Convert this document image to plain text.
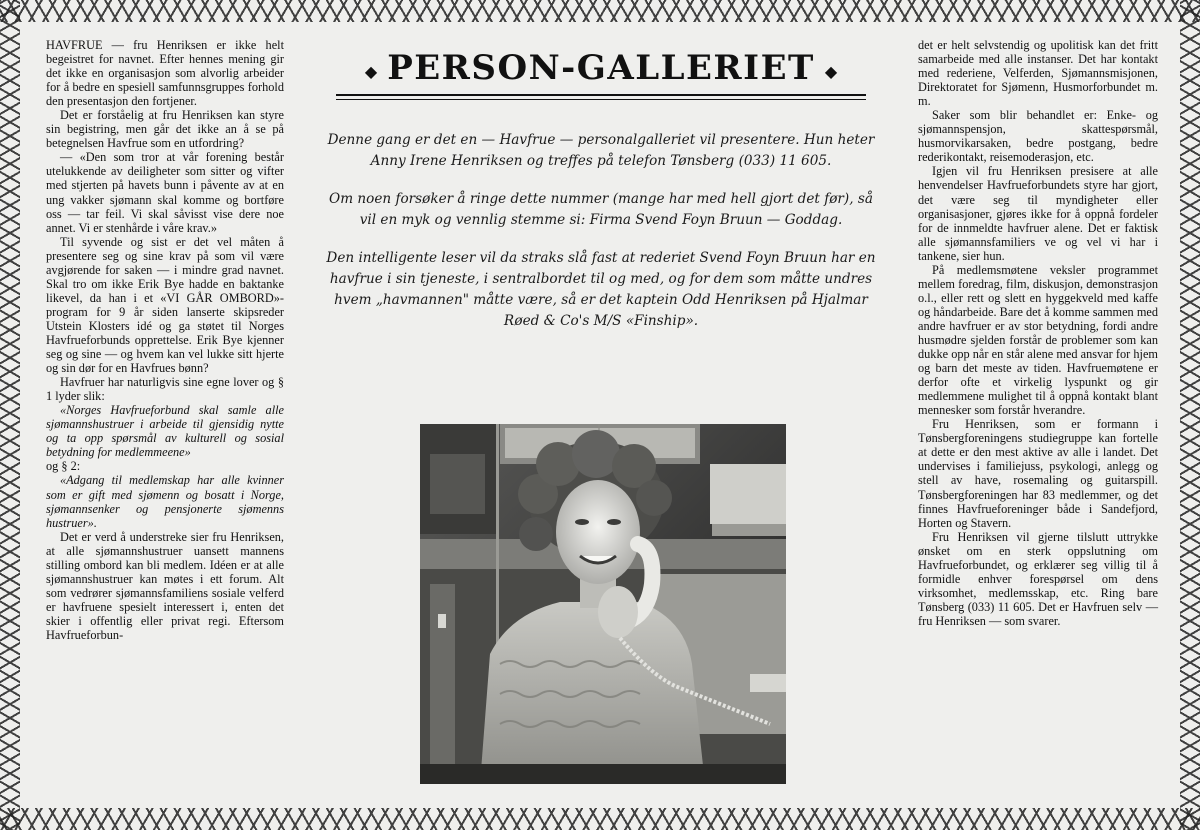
HAVFRUE — fru Henriksen er ikke helt begeistret for navnet. Efter hennes mening gir det ikke en organisasjon som alvorlig arbeider for å bedre en spesiell samfunnsgruppes forhold den presentasjon den fortjener.

Det er forståelig at fru Henriksen kan styre sin begistring, men går det ikke an å se på betegnelsen Havfrue som en utfordring?

— «Den som tror at vår forening består utelukkende av deiligheter som sitter og vifter med stjerten på havets bunn i påvente av at en ung vakker sjømann skal komme og bortføre oss — tar feil. Vi skal såvisst vise dere noe annet. Vi er stenhårde i våre krav.»

Til syvende og sist er det vel måten å presentere seg og sine krav på som vil være avgjørende for saken — i mindre grad navnet. Skal tro om ikke Erik Bye hadde en baktanke likevel, da han i et «VI GÅR OMBORD»-program for 9 år siden lanserte skipsreder Utstein Klosters idé og ga støtet til Norges Havfrueforbunds opprettelse. Erik Bye kjenner seg og sine — og hvem kan vel lukke sitt hjerte og sin dør for en Havfrues bønn?

Havfruer har naturligvis sine egne lover og § 1 lyder slik:

«Norges Havfrueforbund skal samle alle sjømannshustruer i arbeide til gjensidig nytte og ta opp spørsmål av kulturell og sosial betydning for medlemmeene»

og § 2:

«Adgang til medlemskap har alle kvinner som er gift med sjømenn og bosatt i Norge, sjømannsenker og pensjonerte sjømenns hustruer».

Det er verd å understreke sier fru Henriksen, at alle sjømannshustruer uansett mannens stilling ombord kan bli medlem. Idéen er at alle sjømannshustruer kan møtes i ett forum. Alt som vedrører sjømannsfamiliens sosiale velferd er havfruene spesielt interessert i, enten det skier i offentlig eller privat regi. Eftersom Havfrueforbun-

◆ PERSON-GALLERIET ◆

Denne gang er det en — Havfrue — personalgalleriet vil presentere. Hun heter Anny Irene Henriksen og treffes på telefon Tønsberg (033) 11 605.

Om noen forsøker å ringe dette nummer (mange har med hell gjort det før), så vil en myk og vennlig stemme si: Firma Svend Foyn Bruun — Goddag.

Den intelligente leser vil da straks slå fast at rederiet Svend Foyn Bruun har en havfrue i sin tjeneste, i sentralbordet til og med, og for dem som måtte undres hvem „havmannen" måtte være, så er det kaptein Odd Henriksen på Hjalmar Røed & Co's M/S «Finship».

det er helt selvstendig og upolitisk kan det fritt samarbeide med alle instanser. Det har kontakt med rederiene, Velferden, Sjømannsmisjonen, Direktoratet for Sjømenn, Husmorforbundet m. m.

Saker som blir behandlet er: Enke- og sjømannspensjon, skattespørsmål, husmorvikarsaken, bedre postgang, bedre rederikontakt, reisemoderasjon, etc.

Igjen vil fru Henriksen presisere at alle henvendelser Havfrueforbundets styre har gjort, det være seg til myndigheter eller organisasjoner, gjøres ikke for å oppnå fordeler for de innmeldte havfruer alene. Det er faktisk alle sjømannsfamiliers ve og vel vi har i tankene, sier hun.

På medlemsmøtene veksler programmet mellem foredrag, film, diskusjon, demonstrasjon o.l., eller rett og slett en hyggekveld med kaffe og håndarbeide. Bare det å komme sammen med andre havfruer er av stor betydning, fordi andre husmødre sjelden forstår de problemer som kan dukke opp når en står alene med ansvar for hjem og barn det meste av tiden. Havfruemøtene er derfor ofte et virkelig lyspunkt og gir medlemmene mulighet til å oppnå kontakt blant mennesker som forstår hverandre.

Fru Henriksen, som er formann i Tønsbergforeningens studiegruppe kan fortelle at dette er den mest aktive av alle i landet. Det undervises i familiejuss, psykologi, anlegg og stell av have, rosemaling og guitarspill. Tønsbergforeningen har 83 medlemmer, og det finnes Havfrueforeninger både i Sandefjord, Horten og Stavern.

Fru Henriksen vil gjerne tilslutt uttrykke ønsket om en sterk oppslutning om Havfrueforbundet, og erklærer seg villig til å formidle enhver forespørsel om dens virksomhet, medlemsskap, etc. Ring bare Tønsberg (033) 11 605. Det er Havfruen selv — fru Henriksen — som svarer.
